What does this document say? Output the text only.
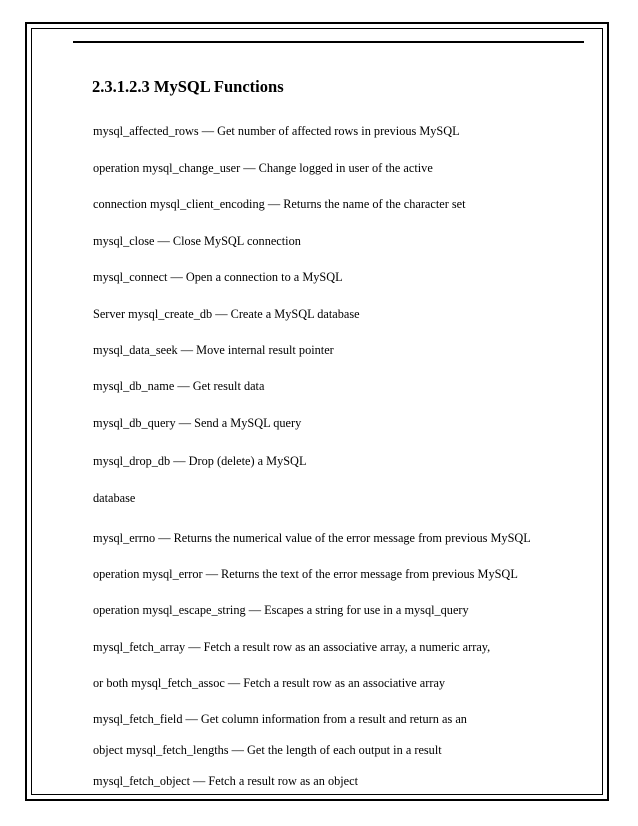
2.3.1.2.3 MySQL Functions

mysql_affected_rows — Get number of affected rows in previous MySQL

operation mysql_change_user — Change logged in user of the active

connection mysql_client_encoding — Returns the name of the character set

mysql_close — Close MySQL connection

mysql_connect — Open a connection to a MySQL

Server mysql_create_db — Create a MySQL database

mysql_data_seek — Move internal result pointer

mysql_db_name — Get result data

mysql_db_query — Send a MySQL query

mysql_drop_db — Drop (delete) a MySQL

database

mysql_errno — Returns the numerical value of the error message from previous MySQL

operation mysql_error — Returns the text of the error message from previous MySQL

operation mysql_escape_string — Escapes a string for use in a mysql_query

mysql_fetch_array — Fetch a result row as an associative array, a numeric array,

or both mysql_fetch_assoc — Fetch a result row as an associative array

mysql_fetch_field — Get column information from a result and return as an

object mysql_fetch_lengths — Get the length of each output in a result

mysql_fetch_object — Fetch a result row as an object
